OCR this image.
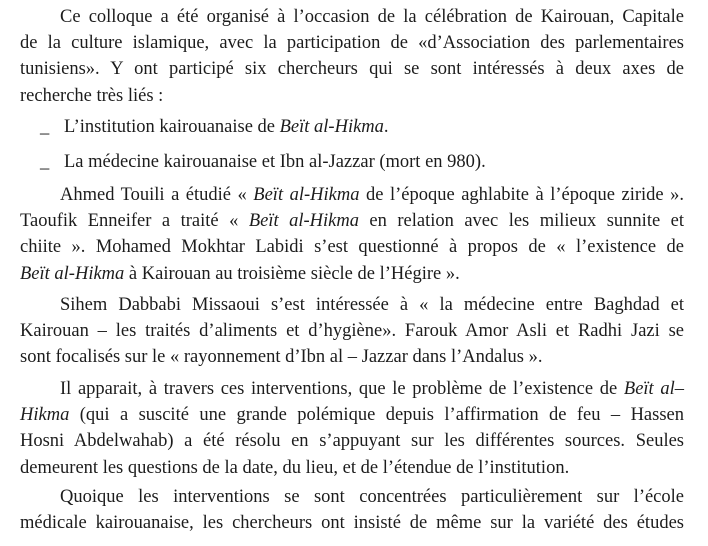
Ce colloque a été organisé à l’occasion de la célébration de Kairouan, Capitale
de la culture islamique, avec la participation de «d’Association des parlementaires
tunisiens». Y ont participé six chercheurs qui se sont intéressés à deux axes de
recherche très liés :

_ L’institution kairouanaise de Beït al-Hikma.
_ La médecine kairouanaise et Ibn al-Jazzar (mort en 980).

Ahmed Touili a étudié « Beït al-Hikma de l’époque aghlabite à l’époque ziride ».
Taoufik Enneifer a traité « Beït al-Hikma en relation avec les milieux sunnite et
chiite ». Mohamed Mokhtar Labidi s’est questionné à propos de « l’existence de
Beït al-Hikma à Kairouan au troisième siècle de l’Hégire ».

Sihem Dabbabi Missaoui s’est intéressée à « la médecine entre Baghdad et
Kairouan – les traités d’aliments et d’hygiène». Farouk Amor Asli et Radhi Jazi se
sont focalisés sur le « rayonnement d’Ibn al – Jazzar dans l’Andalus ».

Il apparait, à travers ces interventions, que le problème de l’existence de Beït al–
Hikma (qui a suscité une grande polémique depuis l’affirmation de feu – Hassen
Hosni Abdelwahab) a été résolu en s’appuyant sur les différentes sources. Seules
demeurent les questions de la date, du lieu, et de l’étendue de l’institution.

Quoique les interventions se sont concentrées particulièrement sur l’école
médicale kairouanaise, les chercheurs ont insisté de même sur la variété des études
